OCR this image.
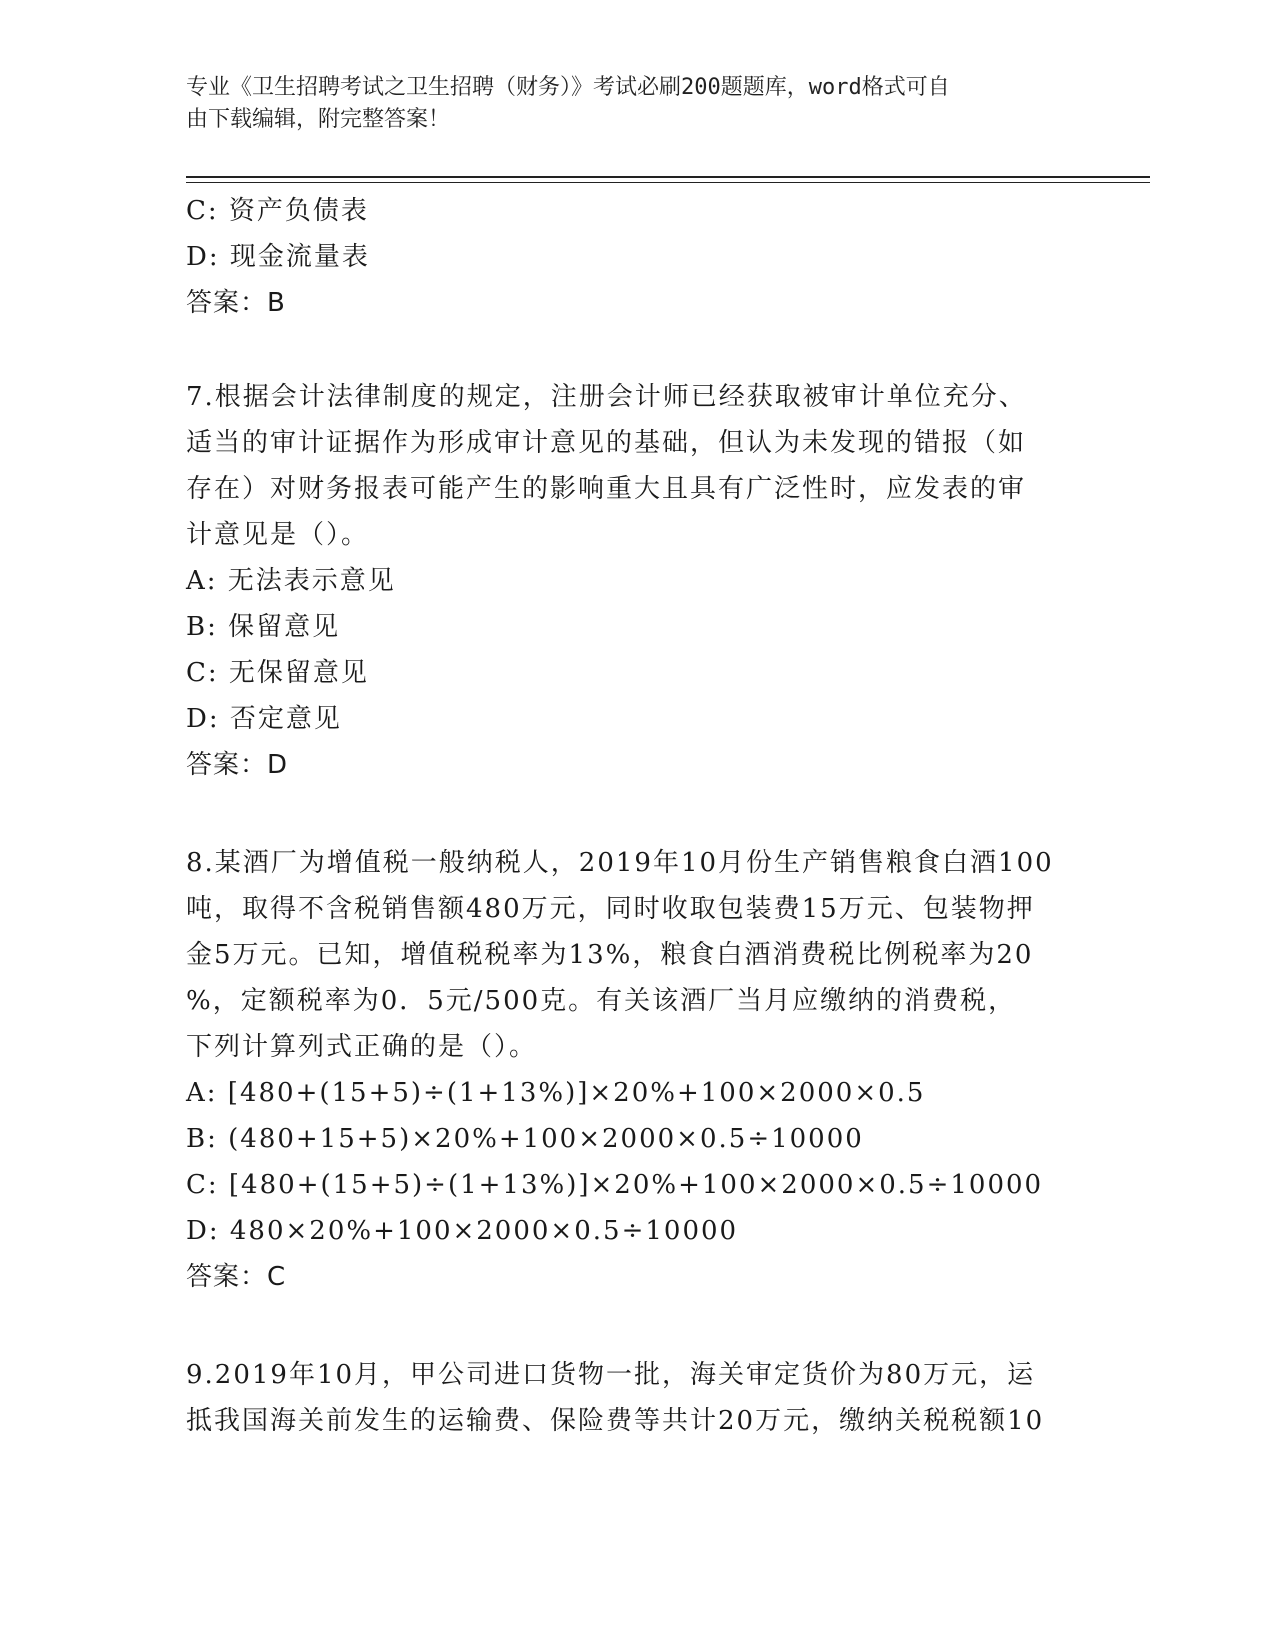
专业《卫生招聘考试之卫生招聘（财务）》考试必刷200题题库，word格式可自
由下载编辑，附完整答案！
C: 资产负债表
D: 现金流量表
答案：B
7.根据会计法律制度的规定，注册会计师已经获取被审计单位充分、
适当的审计证据作为形成审计意见的基础，但认为未发现的错报（如
存在）对财务报表可能产生的影响重大且具有广泛性时，应发表的审
计意见是（）。
A: 无法表示意见
B: 保留意见
C: 无保留意见
D: 否定意见
答案：D
8.某酒厂为增值税一般纳税人，2019年10月份生产销售粮食白酒100
吨，取得不含税销售额480万元，同时收取包装费15万元、包装物押
金5万元。已知，增值税税率为13%，粮食白酒消费税比例税率为20
%，定额税率为0．5元/500克。有关该酒厂当月应缴纳的消费税，
下列计算列式正确的是（）。
A: [480+(15+5)÷(1+13%)]×20%+100×2000×0.5
B: (480+15+5)×20%+100×2000×0.5÷10000
C: [480+(15+5)÷(1+13%)]×20%+100×2000×0.5÷10000
D: 480×20%+100×2000×0.5÷10000
答案：C
9.2019年10月，甲公司进口货物一批，海关审定货价为80万元，运
抵我国海关前发生的运输费、保险费等共计20万元，缴纳关税税额10
